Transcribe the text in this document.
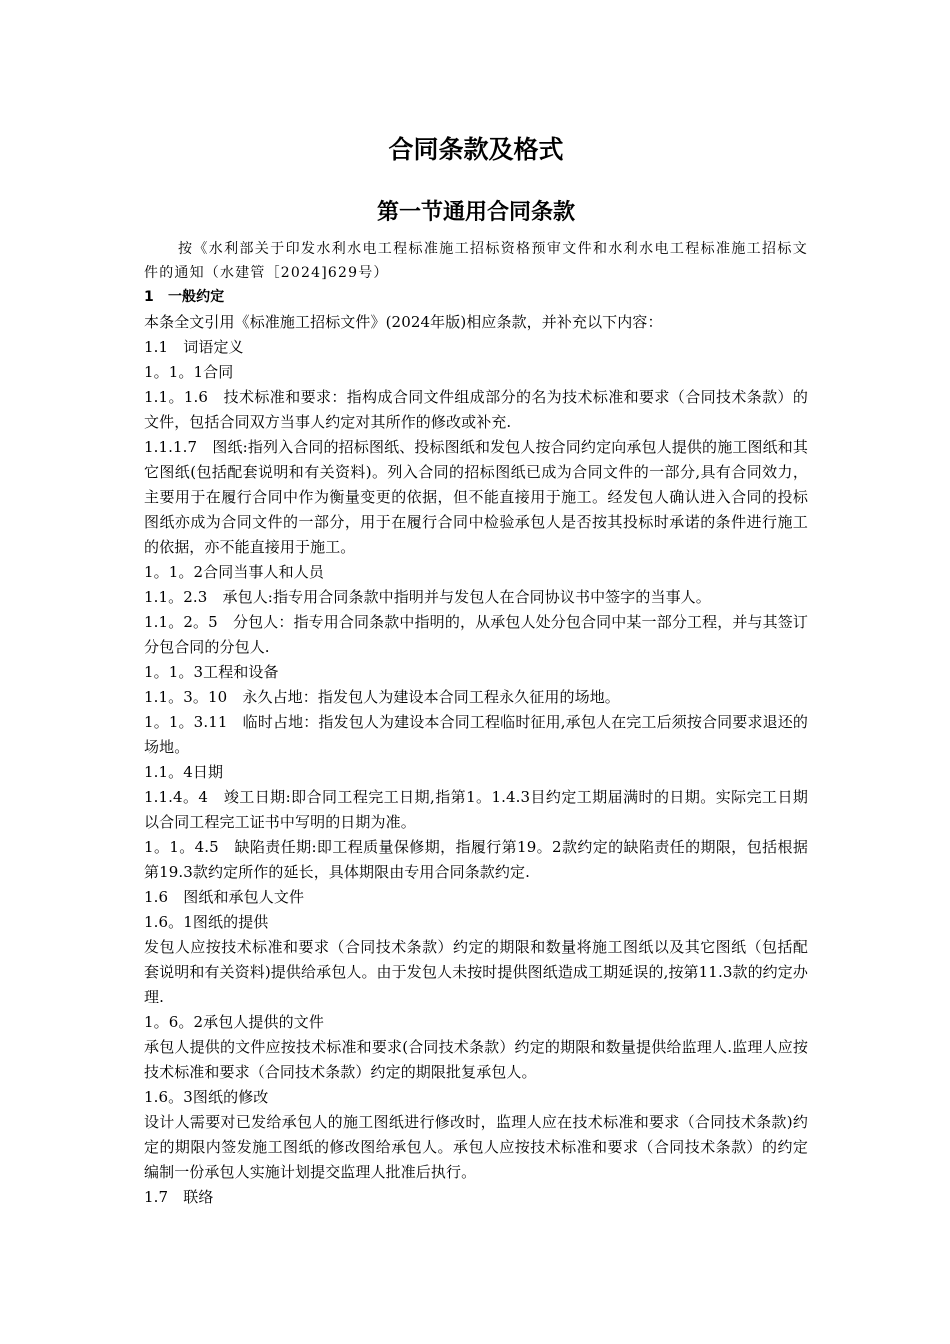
合同条款及格式
第一节通用合同条款

按《水利部关于印发水利水电工程标准施工招标资格预审文件和水利水电工程标准施工招标文件的通知（水建管［2024]629号）

1　一般约定

本条全文引用《标准施工招标文件》(2024年版)相应条款，并补充以下内容：

1.1　词语定义

1。1。1合同

1.1。1.6　技术标准和要求：指构成合同文件组成部分的名为技术标准和要求（合同技术条款）的文件，包括合同双方当事人约定对其所作的修改或补充.

1.1.1.7　图纸:指列入合同的招标图纸、投标图纸和发包人按合同约定向承包人提供的施工图纸和其它图纸(包括配套说明和有关资料)。列入合同的招标图纸已成为合同文件的一部分,具有合同效力，主要用于在履行合同中作为衡量变更的依据，但不能直接用于施工。经发包人确认进入合同的投标图纸亦成为合同文件的一部分，用于在履行合同中检验承包人是否按其投标时承诺的条件进行施工的依据，亦不能直接用于施工。

1。1。2合同当事人和人员

1.1。2.3　承包人:指专用合同条款中指明并与发包人在合同协议书中签字的当事人。

1.1。2。5　分包人：指专用合同条款中指明的，从承包人处分包合同中某一部分工程，并与其签订分包合同的分包人.

1。1。3工程和设备

1.1。3。10　永久占地：指发包人为建设本合同工程永久征用的场地。

1。1。3.11　临时占地：指发包人为建设本合同工程临时征用,承包人在完工后须按合同要求退还的场地。

1.1。4日期

1.1.4。4　竣工日期:即合同工程完工日期,指第1。1.4.3目约定工期届满时的日期。实际完工日期以合同工程完工证书中写明的日期为准。

1。1。4.5　缺陷责任期:即工程质量保修期，指履行第19。2款约定的缺陷责任的期限，包括根据第19.3款约定所作的延长，具体期限由专用合同条款约定.

1.6　图纸和承包人文件

1.6。1图纸的提供

发包人应按技术标准和要求（合同技术条款）约定的期限和数量将施工图纸以及其它图纸（包括配套说明和有关资料)提供给承包人。由于发包人未按时提供图纸造成工期延误的,按第11.3款的约定办理.

1。6。2承包人提供的文件

承包人提供的文件应按技术标准和要求(合同技术条款）约定的期限和数量提供给监理人.监理人应按技术标准和要求（合同技术条款）约定的期限批复承包人。

1.6。3图纸的修改

设计人需要对已发给承包人的施工图纸进行修改时，监理人应在技术标准和要求（合同技术条款)约定的期限内签发施工图纸的修改图给承包人。承包人应按技术标准和要求（合同技术条款）的约定编制一份承包人实施计划提交监理人批准后执行。

1.7　联络
